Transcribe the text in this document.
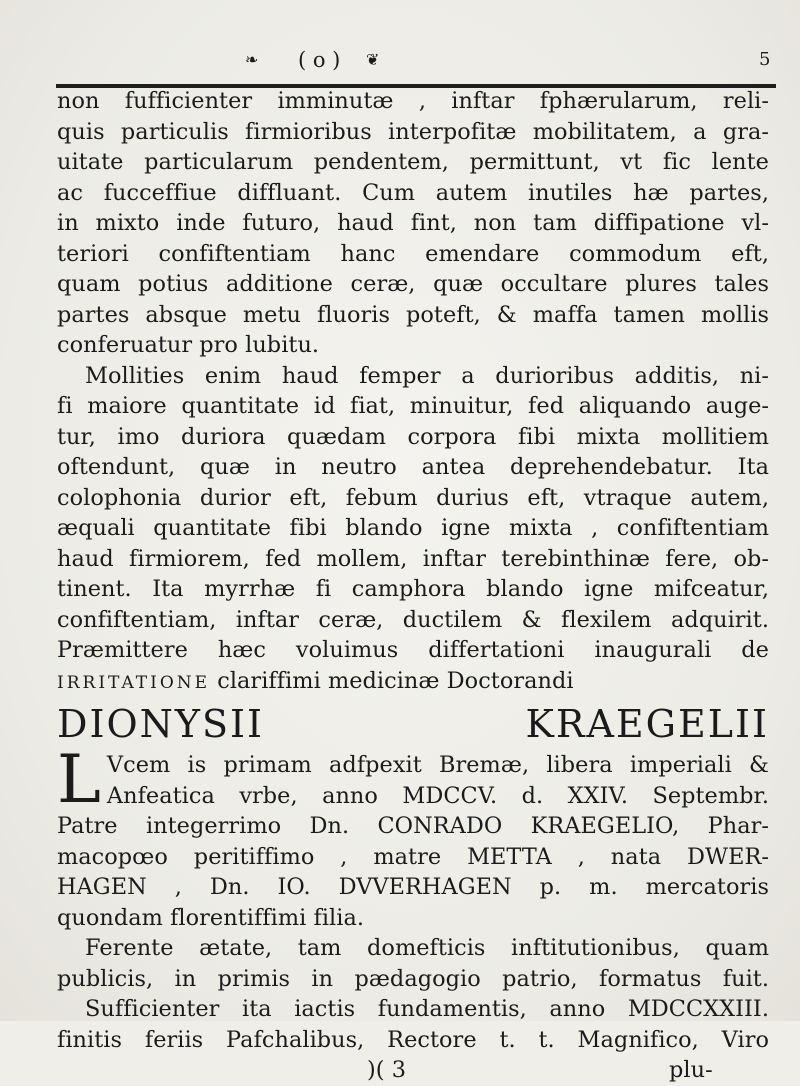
❧ ( o ) ❦	5

non fufficienter imminutæ , inftar fphærularum, reli-

quis particulis firmioribus interpofitæ mobilitatem, a gra-

uitate particularum pendentem, permittunt, vt fic lente

ac fucceffiue diffluant. Cum autem inutiles hæ partes,

in mixto inde futuro, haud fint, non tam diffipatione vl-

teriori confiftentiam hanc emendare commodum eft,

quam potius additione ceræ, quæ occultare plures tales

partes absque metu fluoris poteft, & maffa tamen mollis

conferuatur pro lubitu.

Mollities enim haud femper a durioribus additis, ni-

fi maiore quantitate id fiat, minuitur, fed aliquando auge-

tur, imo duriora quædam corpora fibi mixta mollitiem

oftendunt, quæ in neutro antea deprehendebatur. Ita

colophonia durior eft, febum durius eft, vtraque autem,

æquali quantitate fibi blando igne mixta , confiftentiam

haud firmiorem, fed mollem, inftar terebinthinæ fere, ob-

tinent. Ita myrrhæ fi camphora blando igne mifceatur,

confiftentiam, inftar ceræ, ductilem & flexilem adquirit.

Præmittere hæc voluimus differtationi inaugurali de

IRRITATIONE clariffimi medicinæ Doctorandi

DIONYSII KRAEGELII

L Vcem is primam adfpexit Bremæ, libera imperiali &

Anfeatica vrbe, anno MDCCV. d. XXIV. Septembr.

Patre integerrimo Dn. CONRADO KRAEGELIO, Phar-

macopœo peritiffimo , matre METTA , nata DWER-

HAGEN , Dn. IO. DVVERHAGEN p. m. mercatoris

quondam florentiffimi filia.

Ferente ætate, tam domefticis inftitutionibus, quam

publicis, in primis in pædagogio patrio, formatus fuit.

Sufficienter ita iactis fundamentis, anno MDCCXXIII.

finitis feriis Pafchalibus, Rectore t. t. Magnifico, Viro

)( 3	plu-
